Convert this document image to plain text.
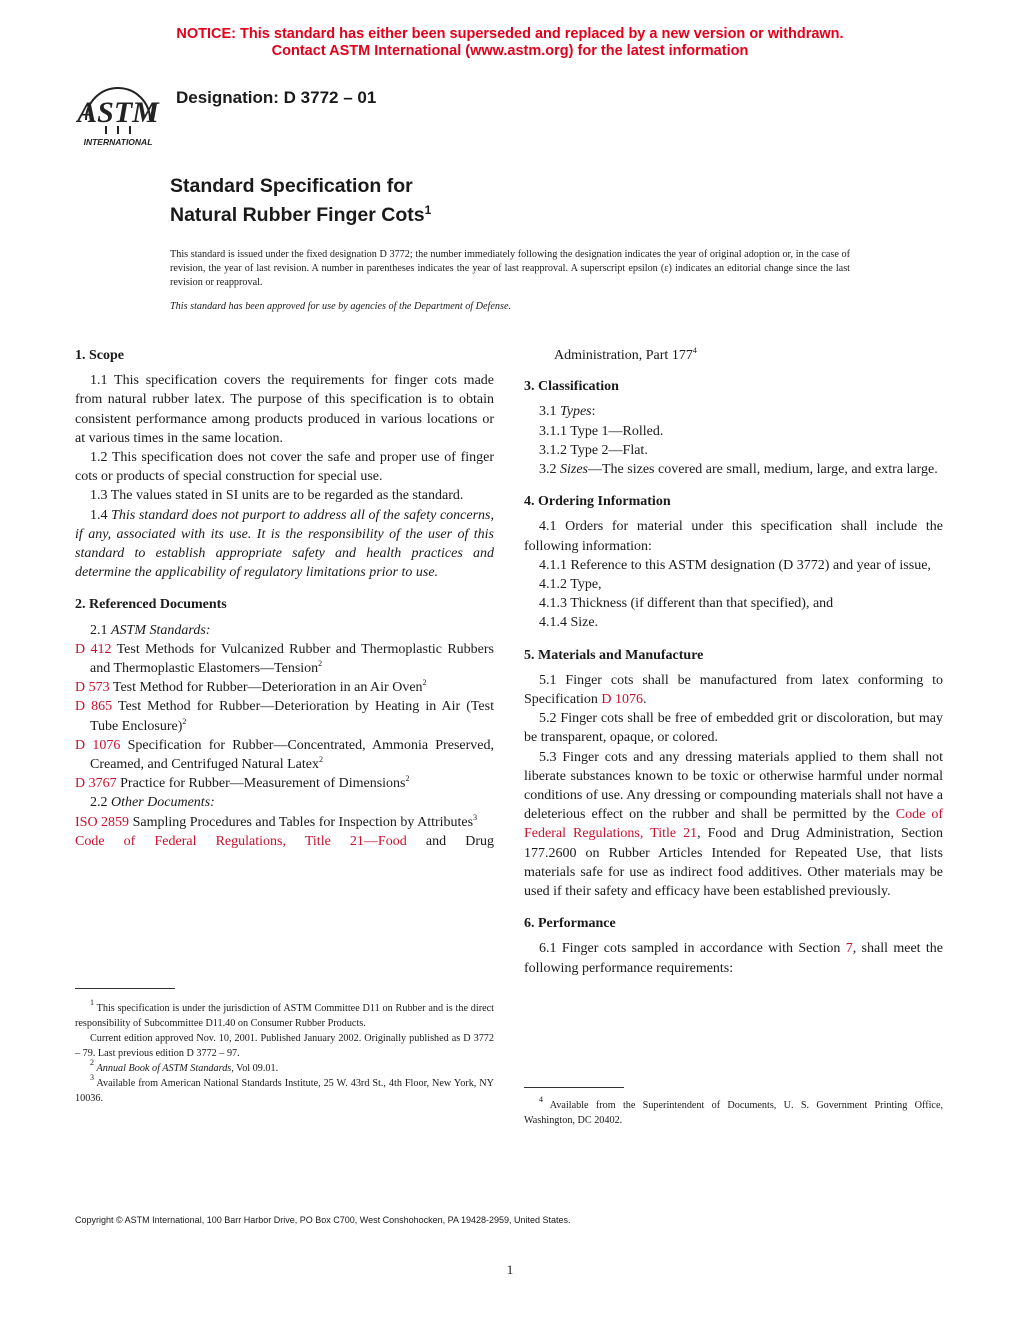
NOTICE: This standard has either been superseded and replaced by a new version or withdrawn.
Contact ASTM International (www.astm.org) for the latest information
ASTM
INTERNATIONAL
Designation: D 3772 – 01
Standard Specification for
Natural Rubber Finger Cots$^1$

This standard is issued under the fixed designation D 3772; the number immediately following the designation indicates the year of original adoption or, in the case of revision, the year of last revision. A number in parentheses indicates the year of last reapproval. A superscript epsilon (ε) indicates an editorial change since the last revision or reapproval.

This standard has been approved for use by agencies of the Department of Defense.

1. Scope

1.1 This specification covers the requirements for finger cots made from natural rubber latex. The purpose of this specification is to obtain consistent performance among products produced in various locations or at various times in the same location.

1.2 This specification does not cover the safe and proper use of finger cots or products of special construction for special use.

1.3 The values stated in SI units are to be regarded as the standard.

1.4 This standard does not purport to address all of the safety concerns, if any, associated with its use. It is the responsibility of the user of this standard to establish appropriate safety and health practices and determine the applicability of regulatory limitations prior to use.

2. Referenced Documents

2.1 ASTM Standards:

D 412 Test Methods for Vulcanized Rubber and Thermoplastic Rubbers and Thermoplastic Elastomers—Tension$^2$

D 573 Test Method for Rubber—Deterioration in an Air Oven$^2$

D 865 Test Method for Rubber—Deterioration by Heating in Air (Test Tube Enclosure)$^2$

D 1076 Specification for Rubber—Concentrated, Ammonia Preserved, Creamed, and Centrifuged Natural Latex$^2$

D 3767 Practice for Rubber—Measurement of Dimensions$^2$

2.2 Other Documents:

ISO 2859 Sampling Procedures and Tables for Inspection by Attributes$^3$

Code of Federal Regulations, Title 21—Food and Drug

$^1$ This specification is under the jurisdiction of ASTM Committee D11 on Rubber and is the direct responsibility of Subcommittee D11.40 on Consumer Rubber Products.

Current edition approved Nov. 10, 2001. Published January 2002. Originally published as D 3772 – 79. Last previous edition D 3772 – 97.

$^2$ Annual Book of ASTM Standards, Vol 09.01.

$^3$ Available from American National Standards Institute, 25 W. 43rd St., 4th Floor, New York, NY 10036.

Administration, Part 177$^4$

3. Classification

3.1 Types:

3.1.1 Type 1—Rolled.

3.1.2 Type 2—Flat.

3.2 Sizes—The sizes covered are small, medium, large, and extra large.

4. Ordering Information

4.1 Orders for material under this specification shall include the following information:

4.1.1 Reference to this ASTM designation (D 3772) and year of issue,

4.1.2 Type,

4.1.3 Thickness (if different than that specified), and

4.1.4 Size.

5. Materials and Manufacture

5.1 Finger cots shall be manufactured from latex conforming to Specification D 1076.

5.2 Finger cots shall be free of embedded grit or discoloration, but may be transparent, opaque, or colored.

5.3 Finger cots and any dressing materials applied to them shall not liberate substances known to be toxic or otherwise harmful under normal conditions of use. Any dressing or compounding materials shall not have a deleterious effect on the rubber and shall be permitted by the Code of Federal Regulations, Title 21, Food and Drug Administration, Section 177.2600 on Rubber Articles Intended for Repeated Use, that lists materials safe for use as indirect food additives. Other materials may be used if their safety and efficacy have been established previously.

6. Performance

6.1 Finger cots sampled in accordance with Section 7, shall meet the following performance requirements:

$^4$ Available from the Superintendent of Documents, U. S. Government Printing Office, Washington, DC 20402.

Copyright © ASTM International, 100 Barr Harbor Drive, PO Box C700, West Conshohocken, PA 19428-2959, United States.
1
